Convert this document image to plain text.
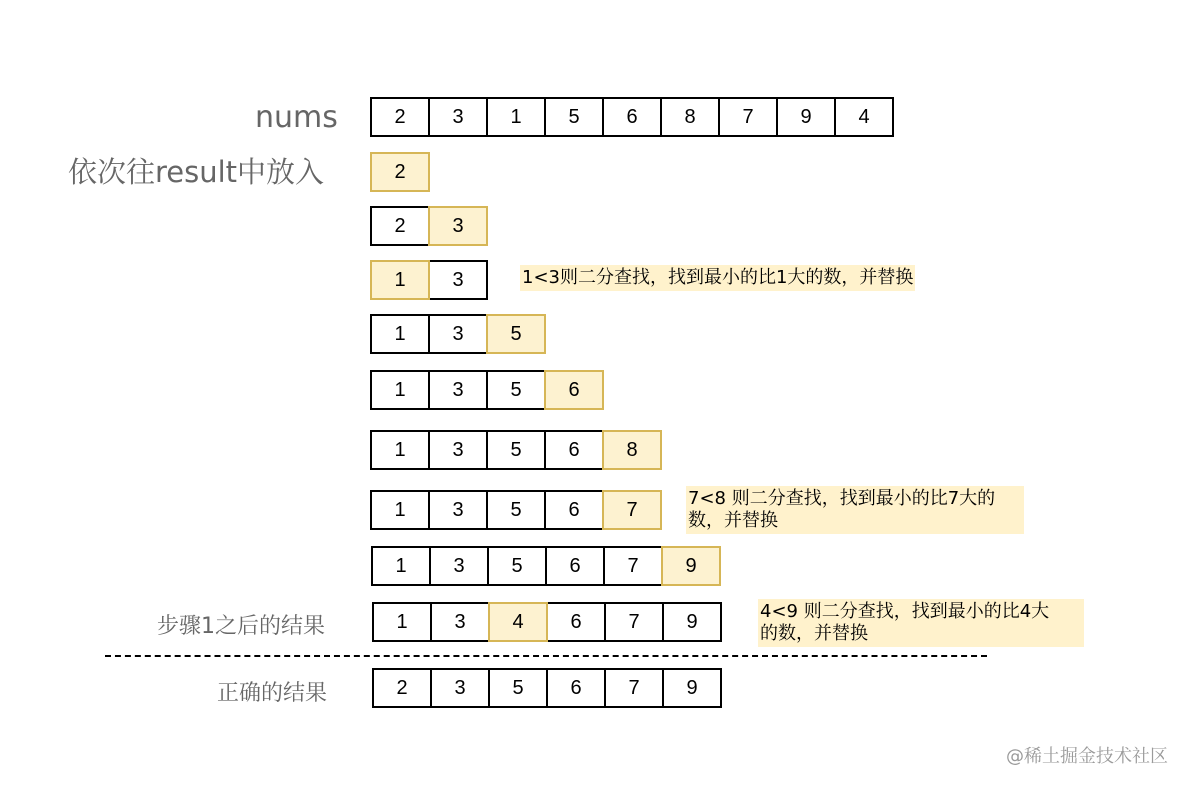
nums
依次往result中放入
步骤1之后的结果
正确的结果
2	3	1	5	6	8	7	9	4
2
2	3
1	3
1	3	5
1	3	5	6
1	3	5	6	8
1	3	5	6	7
1	3	5	6	7	9
1	3	4	6	7	9
2	3	5	6	7	9
1<3则二分查找，找到最小的比1大的数，并替换
7<8 则二分查找，找到最小的比7大的
数，并替换
4<9 则二分查找，找到最小的比4大
的数，并替换
@稀土掘金技术社区
